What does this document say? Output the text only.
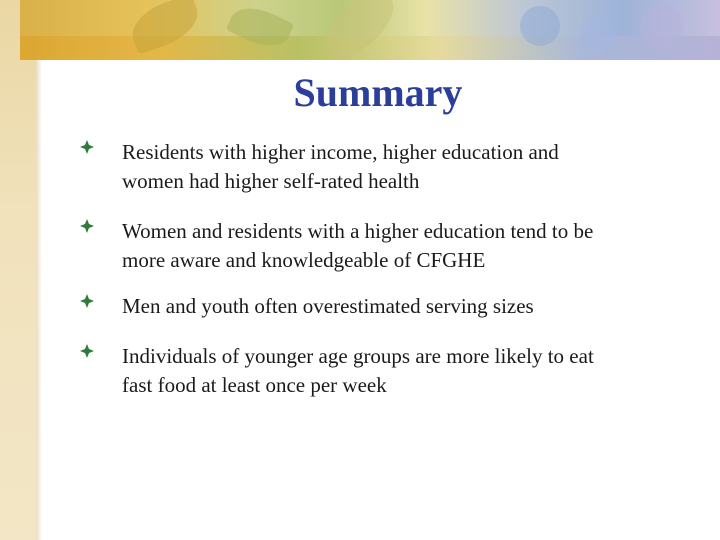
Summary
Residents with higher income, higher education and
women had higher self-rated health
Women and residents with a higher education tend to be
more aware and knowledgeable of CFGHE
Men and youth often overestimated serving sizes
Individuals of younger age groups are more likely to eat
fast food at least once per week
